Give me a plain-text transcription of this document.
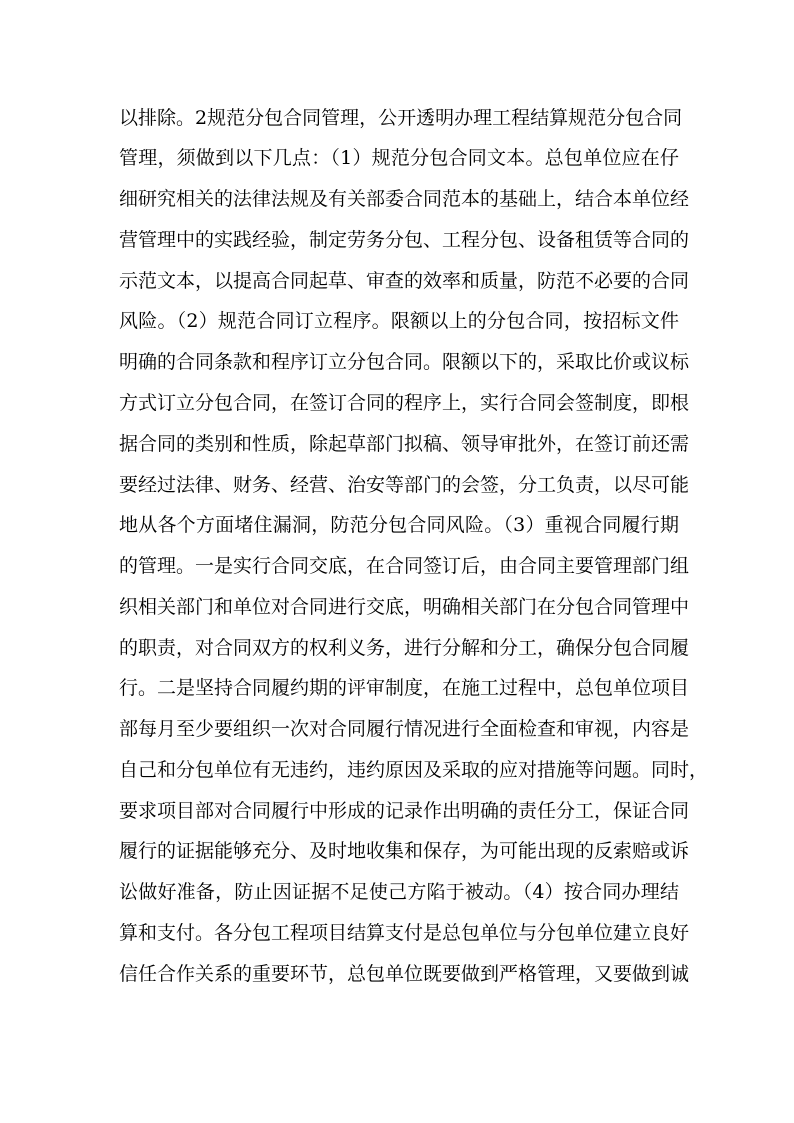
以排除。2规范分包合同管理，公开透明办理工程结算规范分包合同
管理，须做到以下几点：（1）规范分包合同文本。总包单位应在仔
细研究相关的法律法规及有关部委合同范本的基础上，结合本单位经
营管理中的实践经验，制定劳务分包、工程分包、设备租赁等合同的
示范文本，以提高合同起草、审查的效率和质量，防范不必要的合同
风险。（2）规范合同订立程序。限额以上的分包合同，按招标文件
明确的合同条款和程序订立分包合同。限额以下的，采取比价或议标
方式订立分包合同，在签订合同的程序上，实行合同会签制度，即根
据合同的类别和性质，除起草部门拟稿、领导审批外，在签订前还需
要经过法律、财务、经营、治安等部门的会签，分工负责，以尽可能
地从各个方面堵住漏洞，防范分包合同风险。（3）重视合同履行期
的管理。一是实行合同交底，在合同签订后，由合同主要管理部门组
织相关部门和单位对合同进行交底，明确相关部门在分包合同管理中
的职责，对合同双方的权利义务，进行分解和分工，确保分包合同履
行。二是坚持合同履约期的评审制度，在施工过程中，总包单位项目
部每月至少要组织一次对合同履行情况进行全面检查和审视，内容是
自己和分包单位有无违约，违约原因及采取的应对措施等问题。同时，
要求项目部对合同履行中形成的记录作出明确的责任分工，保证合同
履行的证据能够充分、及时地收集和保存，为可能出现的反索赔或诉
讼做好准备，防止因证据不足使己方陷于被动。（4）按合同办理结
算和支付。各分包工程项目结算支付是总包单位与分包单位建立良好
信任合作关系的重要环节，总包单位既要做到严格管理，又要做到诚
